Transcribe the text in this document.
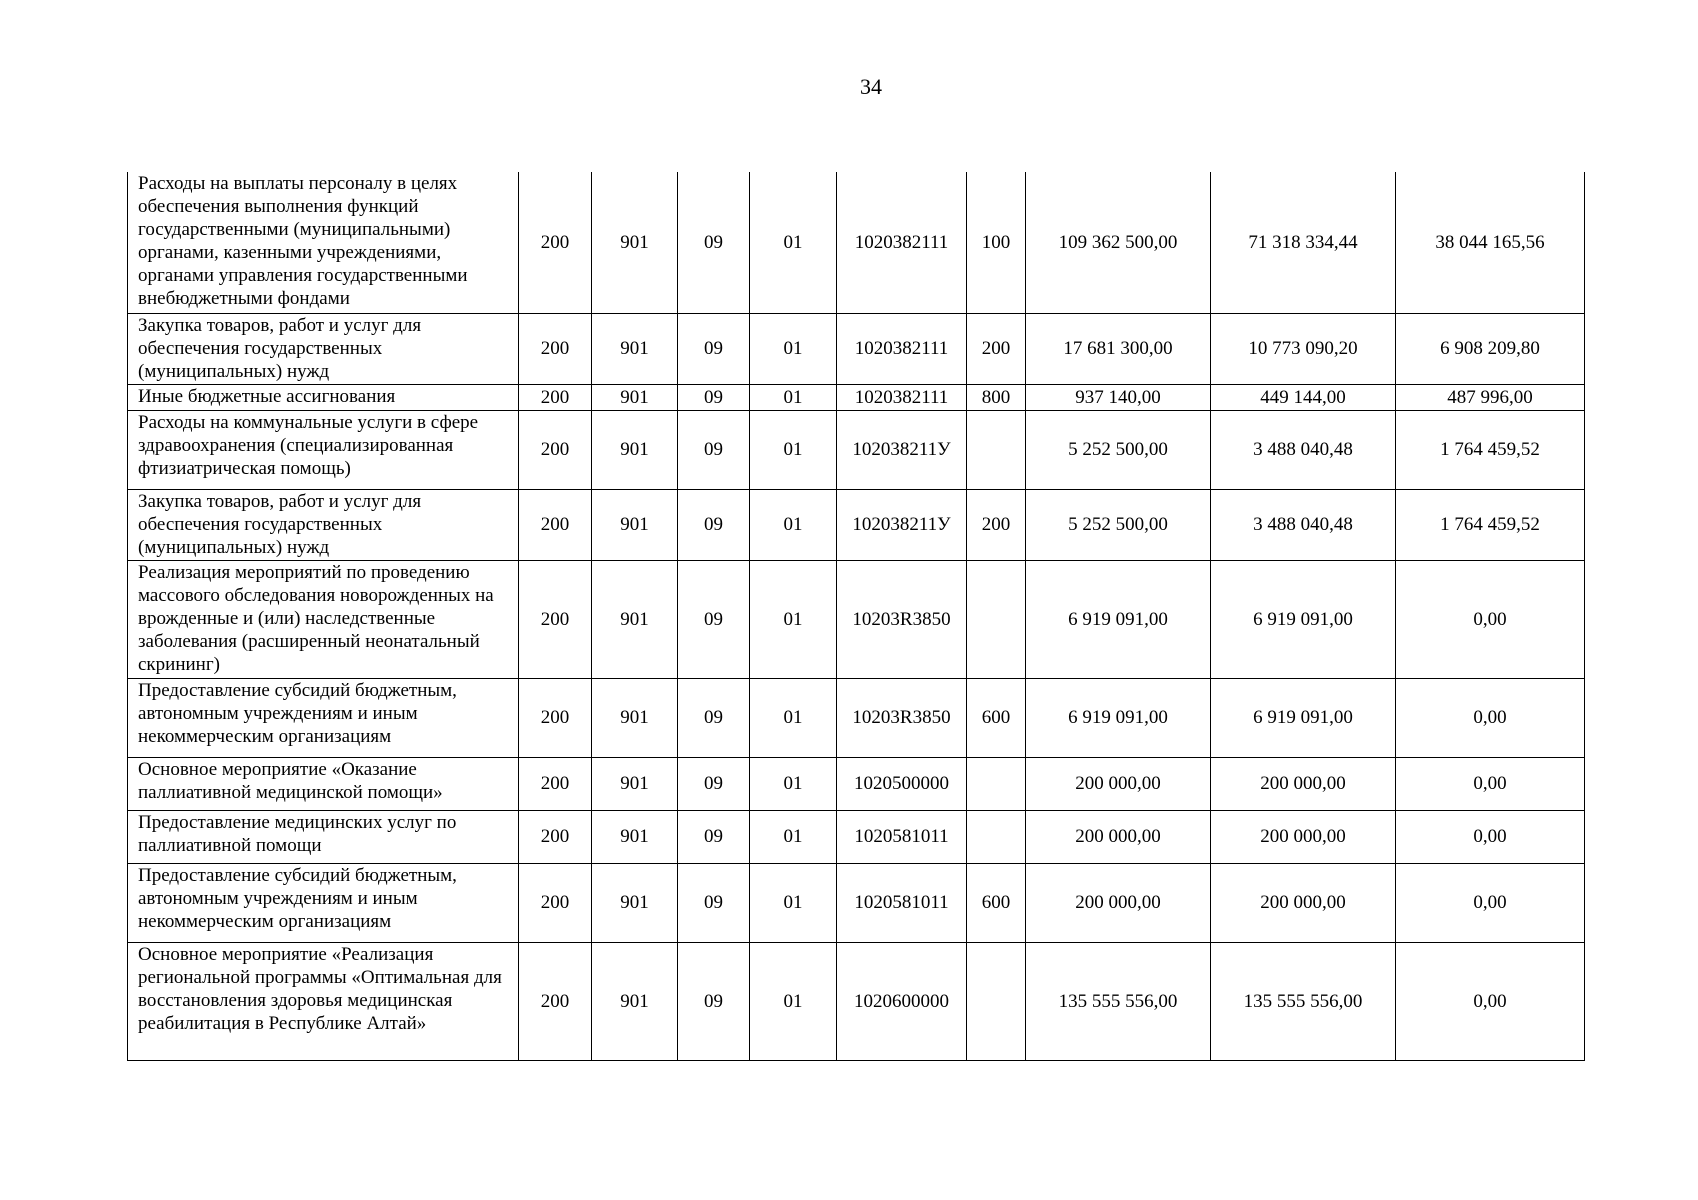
34
Расходы на выплаты персоналу в целях обеспечения выполнения функций государственными (муниципальными) органами, казенными учреждениями, органами управления государственными внебюджетными фондами	200	901	09	01	1020382111	100	109 362 500,00	71 318 334,44	38 044 165,56
Закупка товаров, работ и услуг для обеспечения государственных (муниципальных) нужд	200	901	09	01	1020382111	200	17 681 300,00	10 773 090,20	6 908 209,80
Иные бюджетные ассигнования	200	901	09	01	1020382111	800	937 140,00	449 144,00	487 996,00
Расходы на коммунальные услуги в сфере здравоохранения (специализированная фтизиатрическая помощь)	200	901	09	01	102038211У		5 252 500,00	3 488 040,48	1 764 459,52
Закупка товаров, работ и услуг для обеспечения государственных (муниципальных) нужд	200	901	09	01	102038211У	200	5 252 500,00	3 488 040,48	1 764 459,52
Реализация мероприятий по проведению массового обследования новорожденных на врожденные и (или) наследственные заболевания (расширенный неонатальный скрининг)	200	901	09	01	10203R3850		6 919 091,00	6 919 091,00	0,00
Предоставление субсидий бюджетным, автономным учреждениям и иным некоммерческим организациям	200	901	09	01	10203R3850	600	6 919 091,00	6 919 091,00	0,00
Основное мероприятие «Оказание паллиативной медицинской помощи»	200	901	09	01	1020500000		200 000,00	200 000,00	0,00
Предоставление медицинских услуг по паллиативной помощи	200	901	09	01	1020581011		200 000,00	200 000,00	0,00
Предоставление субсидий бюджетным, автономным учреждениям и иным некоммерческим организациям	200	901	09	01	1020581011	600	200 000,00	200 000,00	0,00
Основное мероприятие «Реализация региональной программы «Оптимальная для восстановления здоровья медицинская реабилитация в Республике Алтай»	200	901	09	01	1020600000		135 555 556,00	135 555 556,00	0,00
